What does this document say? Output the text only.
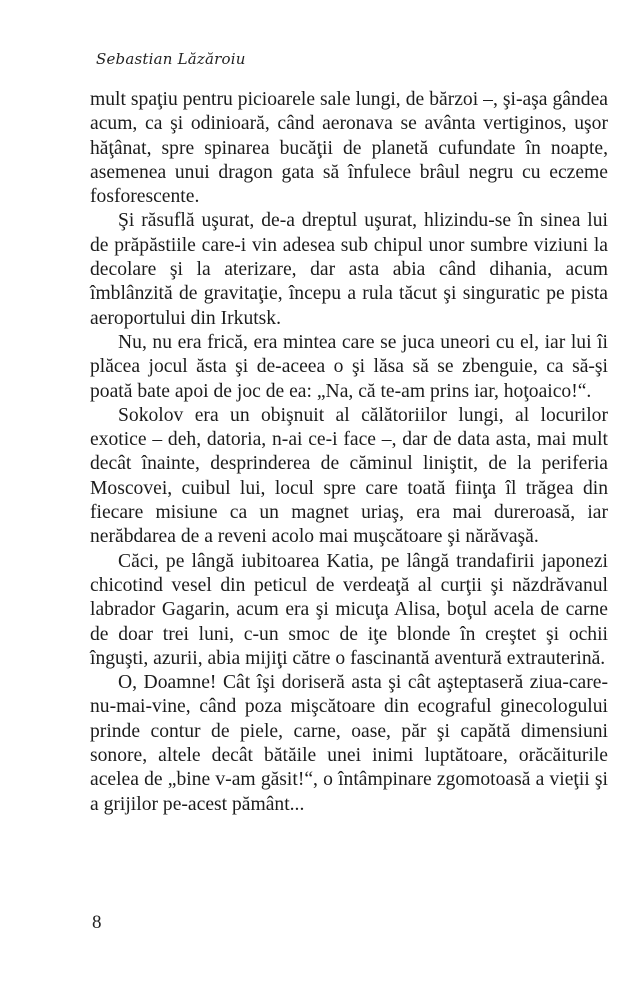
Sebastian Lăzăroiu

mult spaţiu pentru picioarele sale lungi, de bărzoi –, şi-aşa gândea acum, ca şi odinioară, când aeronava se avânta vertiginos, uşor hăţânat, spre spinarea bucăţii de planetă cufundate în noapte, asemenea unui dragon gata să înfulece brâul negru cu eczeme fosforescente.

Şi răsuflă uşurat, de-a dreptul uşurat, hlizindu-se în sinea lui de prăpăstiile care-i vin adesea sub chipul unor sumbre viziuni la decolare şi la aterizare, dar asta abia când dihania, acum îmblânzită de gravitaţie, începu a rula tăcut şi singuratic pe pista aeroportului din Irkutsk.

Nu, nu era frică, era mintea care se juca uneori cu el, iar lui îi plăcea jocul ăsta şi de-aceea o şi lăsa să se zbenguie, ca să-şi poată bate apoi de joc de ea: „Na, că te-am prins iar, hoţoaico!“.

Sokolov era un obişnuit al călătoriilor lungi, al locurilor exotice – deh, datoria, n-ai ce-i face –, dar de data asta, mai mult decât înainte, desprinderea de căminul liniştit, de la periferia Moscovei, cuibul lui, locul spre care toată fiinţa îl trăgea din fiecare misiune ca un magnet uriaş, era mai dureroasă, iar nerăbdarea de a reveni acolo mai muşcătoare şi nărăvaşă.

Căci, pe lângă iubitoarea Katia, pe lângă trandafirii japonezi chicotind vesel din peticul de verdeaţă al curţii şi năzdrăvanul labrador Gagarin, acum era şi micuţa Alisa, boţul acela de carne de doar trei luni, c-un smoc de iţe blonde în creştet şi ochii înguşti, azurii, abia mijiţi către o fascinantă aventură extrauterină.

O, Doamne! Cât îşi doriseră asta şi cât aşteptaseră ziua-care-nu-mai-vine, când poza mişcătoare din ecograful ginecologului prinde contur de piele, carne, oase, păr şi capătă dimensiuni sonore, altele decât bătăile unei inimi luptătoare, orăcăiturile acelea de „bine v-am găsit!“, o întâmpinare zgomotoasă a vieţii şi a grijilor pe-acest pământ...

8
